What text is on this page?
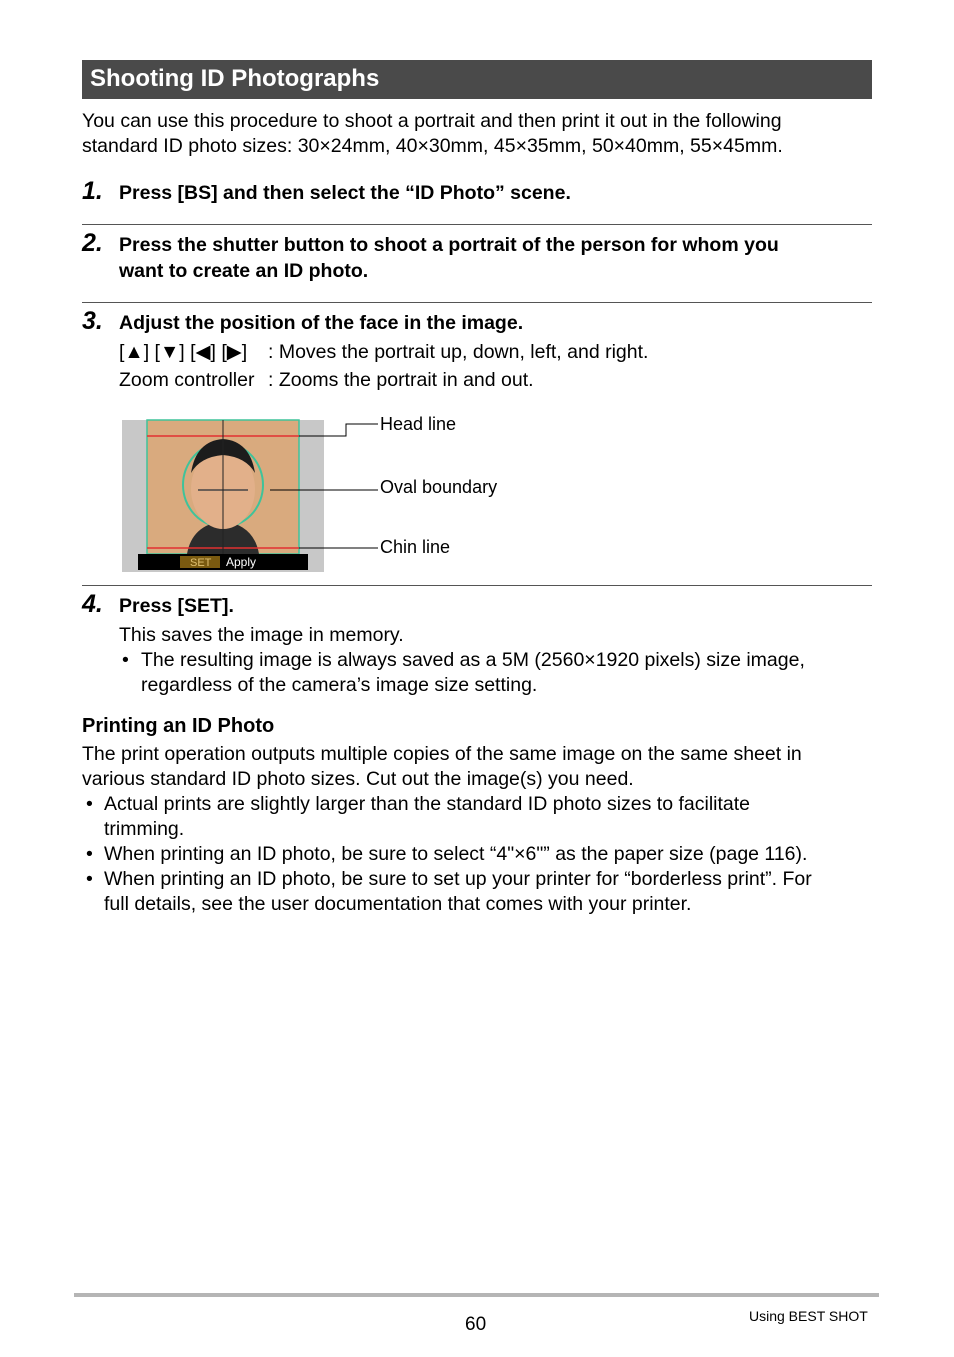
Shooting ID Photographs
You can use this procedure to shoot a portrait and then print it out in the following
standard ID photo sizes: 30×24mm, 40×30mm, 45×35mm, 50×40mm, 55×45mm.
1. Press [BS] and then select the “ID Photo” scene.
2. Press the shutter button to shoot a portrait of the person for whom you
want to create an ID photo.
3. Adjust the position of the face in the image.
[▲] [▼] [◀] [▶] : Moves the portrait up, down, left, and right.
Zoom controller : Zooms the portrait in and out.
SET Apply
Head line
Oval boundary
Chin line
4. Press [SET].
This saves the image in memory.
• The resulting image is always saved as a 5M (2560×1920 pixels) size image,
regardless of the camera’s image size setting.
Printing an ID Photo
The print operation outputs multiple copies of the same image on the same sheet in
various standard ID photo sizes. Cut out the image(s) you need.
• Actual prints are slightly larger than the standard ID photo sizes to facilitate
trimming.
• When printing an ID photo, be sure to select “4"×6"” as the paper size (page 116).
• When printing an ID photo, be sure to set up your printer for “borderless print”. For
full details, see the user documentation that comes with your printer.
60	Using BEST SHOT
